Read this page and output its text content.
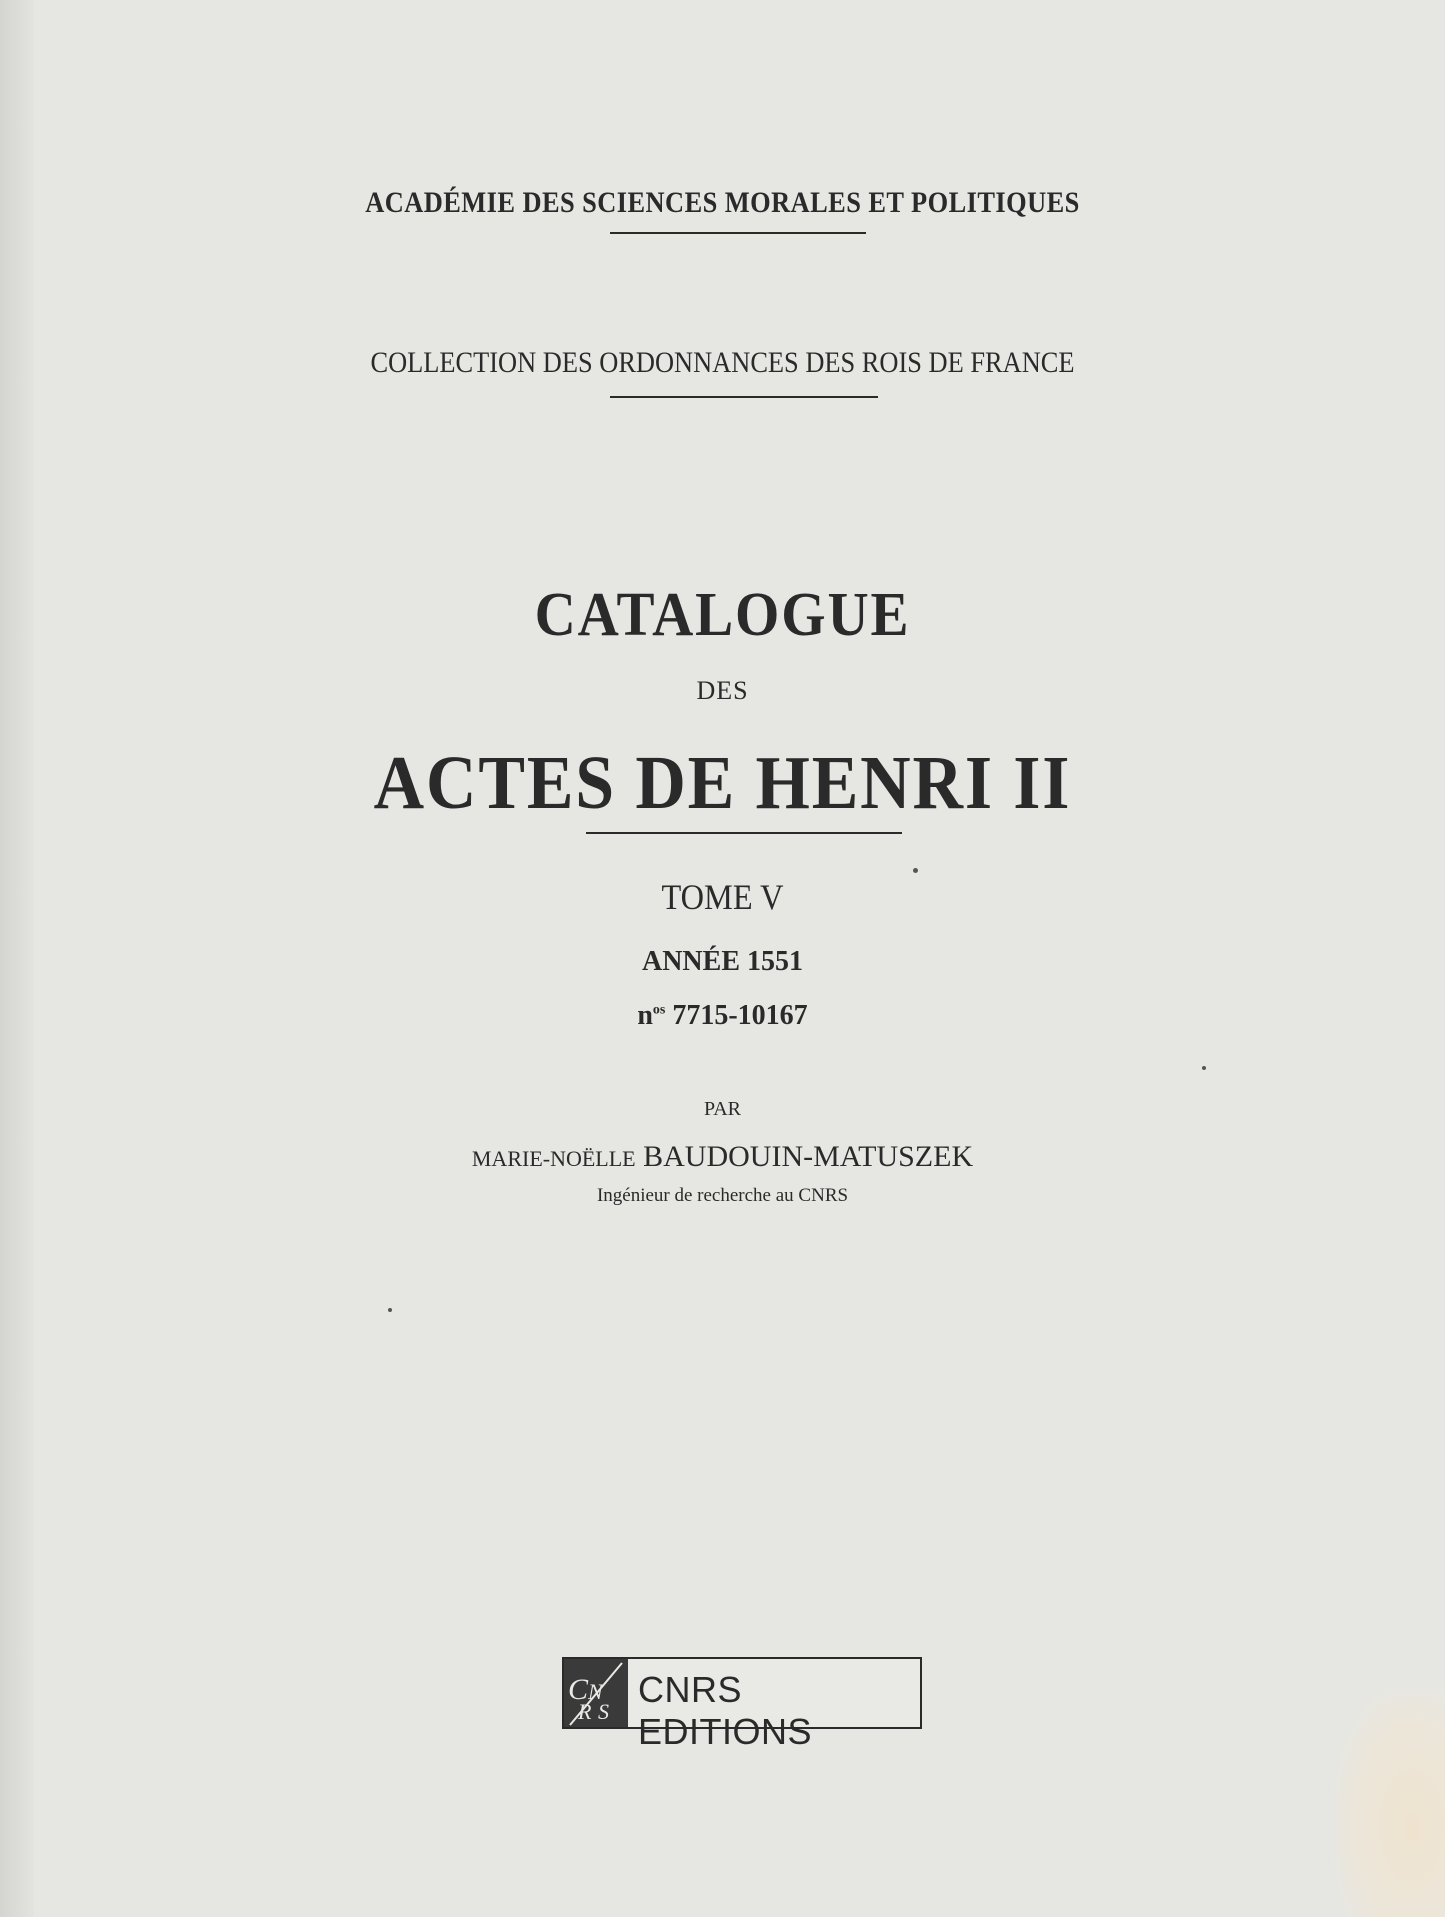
ACADÉMIE DES SCIENCES MORALES ET POLITIQUES
COLLECTION DES ORDONNANCES DES ROIS DE FRANCE
CATALOGUE
DES
ACTES DE HENRI II
TOME V
ANNÉE 1551
$n^{os}$ 7715-10167
PAR
MARIE-NOËLLE BAUDOUIN-MATUSZEK
Ingénieur de recherche au CNRS
C N
R S
CNRS EDITIONS
